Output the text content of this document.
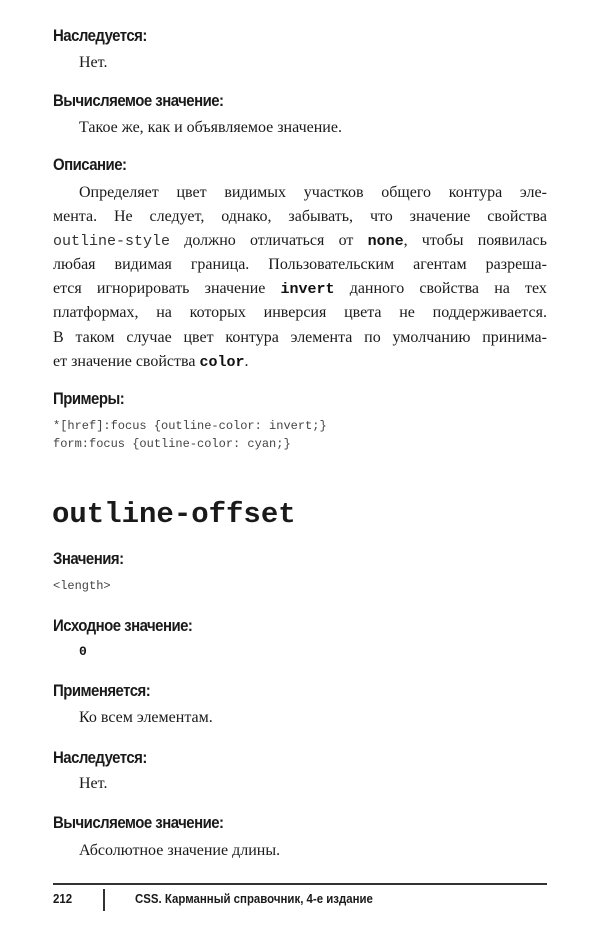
Наследуется:
Нет.
Вычисляемое значение:
Такое же, как и объявляемое значение.
Описание:
Определяет цвет видимых участков общего контура эле-
мента. Не следует, однако, забывать, что значение свойства
outline-style должно отличаться от none, чтобы появилась
любая видимая граница. Пользовательским агентам разреша-
ется игнорировать значение invert данного свойства на тех
платформах, на которых инверсия цвета не поддерживается.
В таком случае цвет контура элемента по умолчанию принима-
ет значение свойства color.
Примеры:
*[href]:focus {outline-color: invert;}
form:focus {outline-color: cyan;}
outline-offset
Значения:
<length>
Исходное значение:
0
Применяется:
Ко всем элементам.
Наследуется:
Нет.
Вычисляемое значение:
Абсолютное значение длины.
212	CSS. Карманный справочник, 4-е издание
